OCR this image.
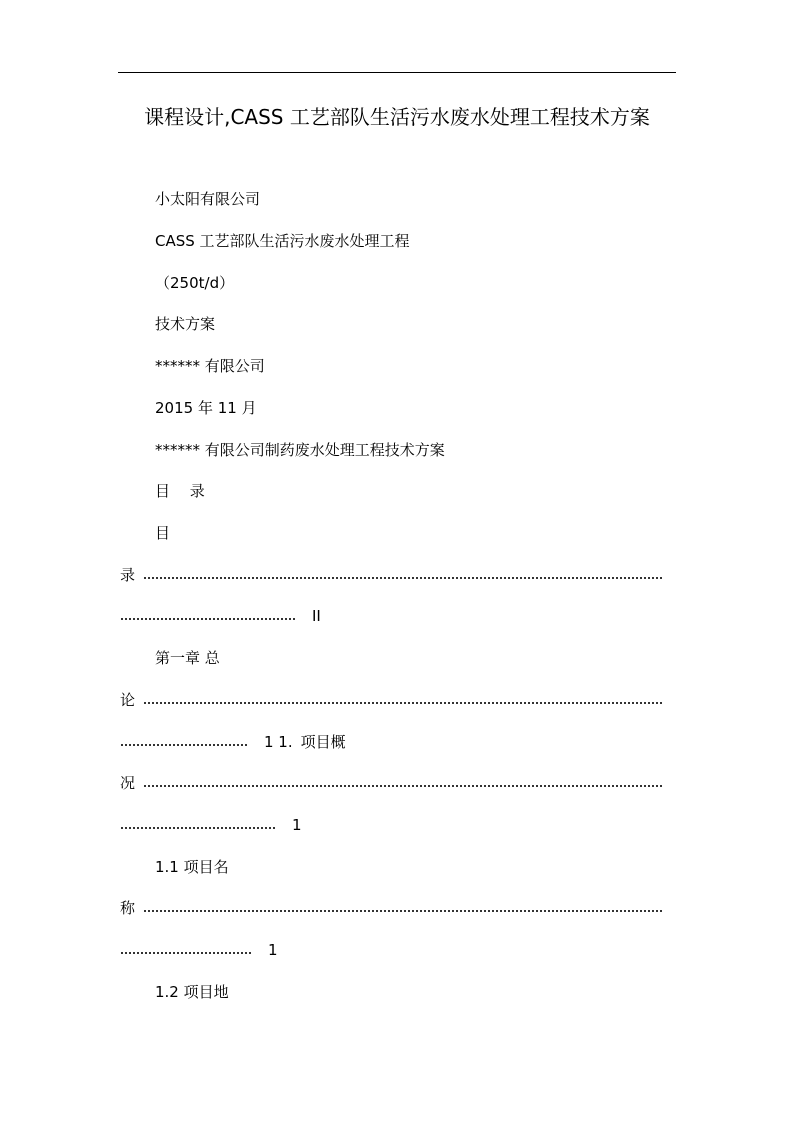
课程设计,CASS 工艺部队生活污水废水处理工程技术方案
小太阳有限公司
CASS 工艺部队生活污水废水处理工程
（250t/d）
技术方案
****** 有限公司
2015 年 11 月
****** 有限公司制药废水处理工程技术方案
目　 录
目
录
II
第一章 总
论
1 1. 项目概
况
1
1.1 项目名
称
1
1.2 项目地
